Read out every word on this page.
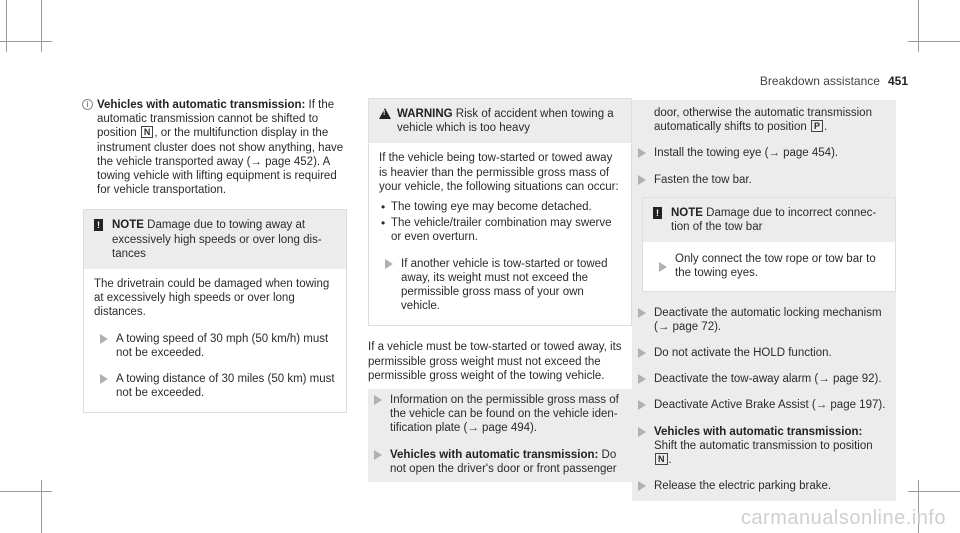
Breakdown assistance 451

i Vehicles with automatic transmission: If the automatic transmission cannot be shifted to position N , or the multifunction display in the instrument cluster does not show anything, have the vehicle transported away (→ page 452). A towing vehicle with lifting equipment is required for vehicle transportation.

! NOTE Damage due to towing away at excessively high speeds or over long distances

The drivetrain could be damaged when towing at excessively high speeds or over long distances.

A towing speed of 30 mph (50 km/h) must not be exceeded.
A towing distance of 30 miles (50 km) must not be exceeded.
!
WARNING Risk of accident when towing a vehicle which is too heavy

If the vehicle being tow-started or towed away is heavier than the permissible gross mass of your vehicle, the following situations can occur:

• The towing eye may become detached.
• The vehicle/trailer combination may swerve or even overturn.
If another vehicle is tow-started or towed away, its weight must not exceed the permissible gross mass of your own vehicle.

If a vehicle must be tow-started or towed away, its permissible gross weight must not exceed the permissible gross weight of the towing vehicle.

Information on the permissible gross mass of the vehicle can be found on the vehicle identification plate (→ page 494).
Vehicles with automatic transmission: Do not open the driver's door or front passenger
door, otherwise the automatic transmission automatically shifts to position P .
Install the towing eye (→ page 454).
Fasten the tow bar.
! NOTE Damage due to incorrect connection of the tow bar
Only connect the tow rope or tow bar to the towing eyes.
Deactivate the automatic locking mechanism (→ page 72).
Do not activate the HOLD function.
Deactivate the tow-away alarm (→ page 92).
Deactivate Active Brake Assist (→ page 197).
Vehicles with automatic transmission:
Shift the automatic transmission to position
N .
Release the electric parking brake.
carmanualsonline.info
